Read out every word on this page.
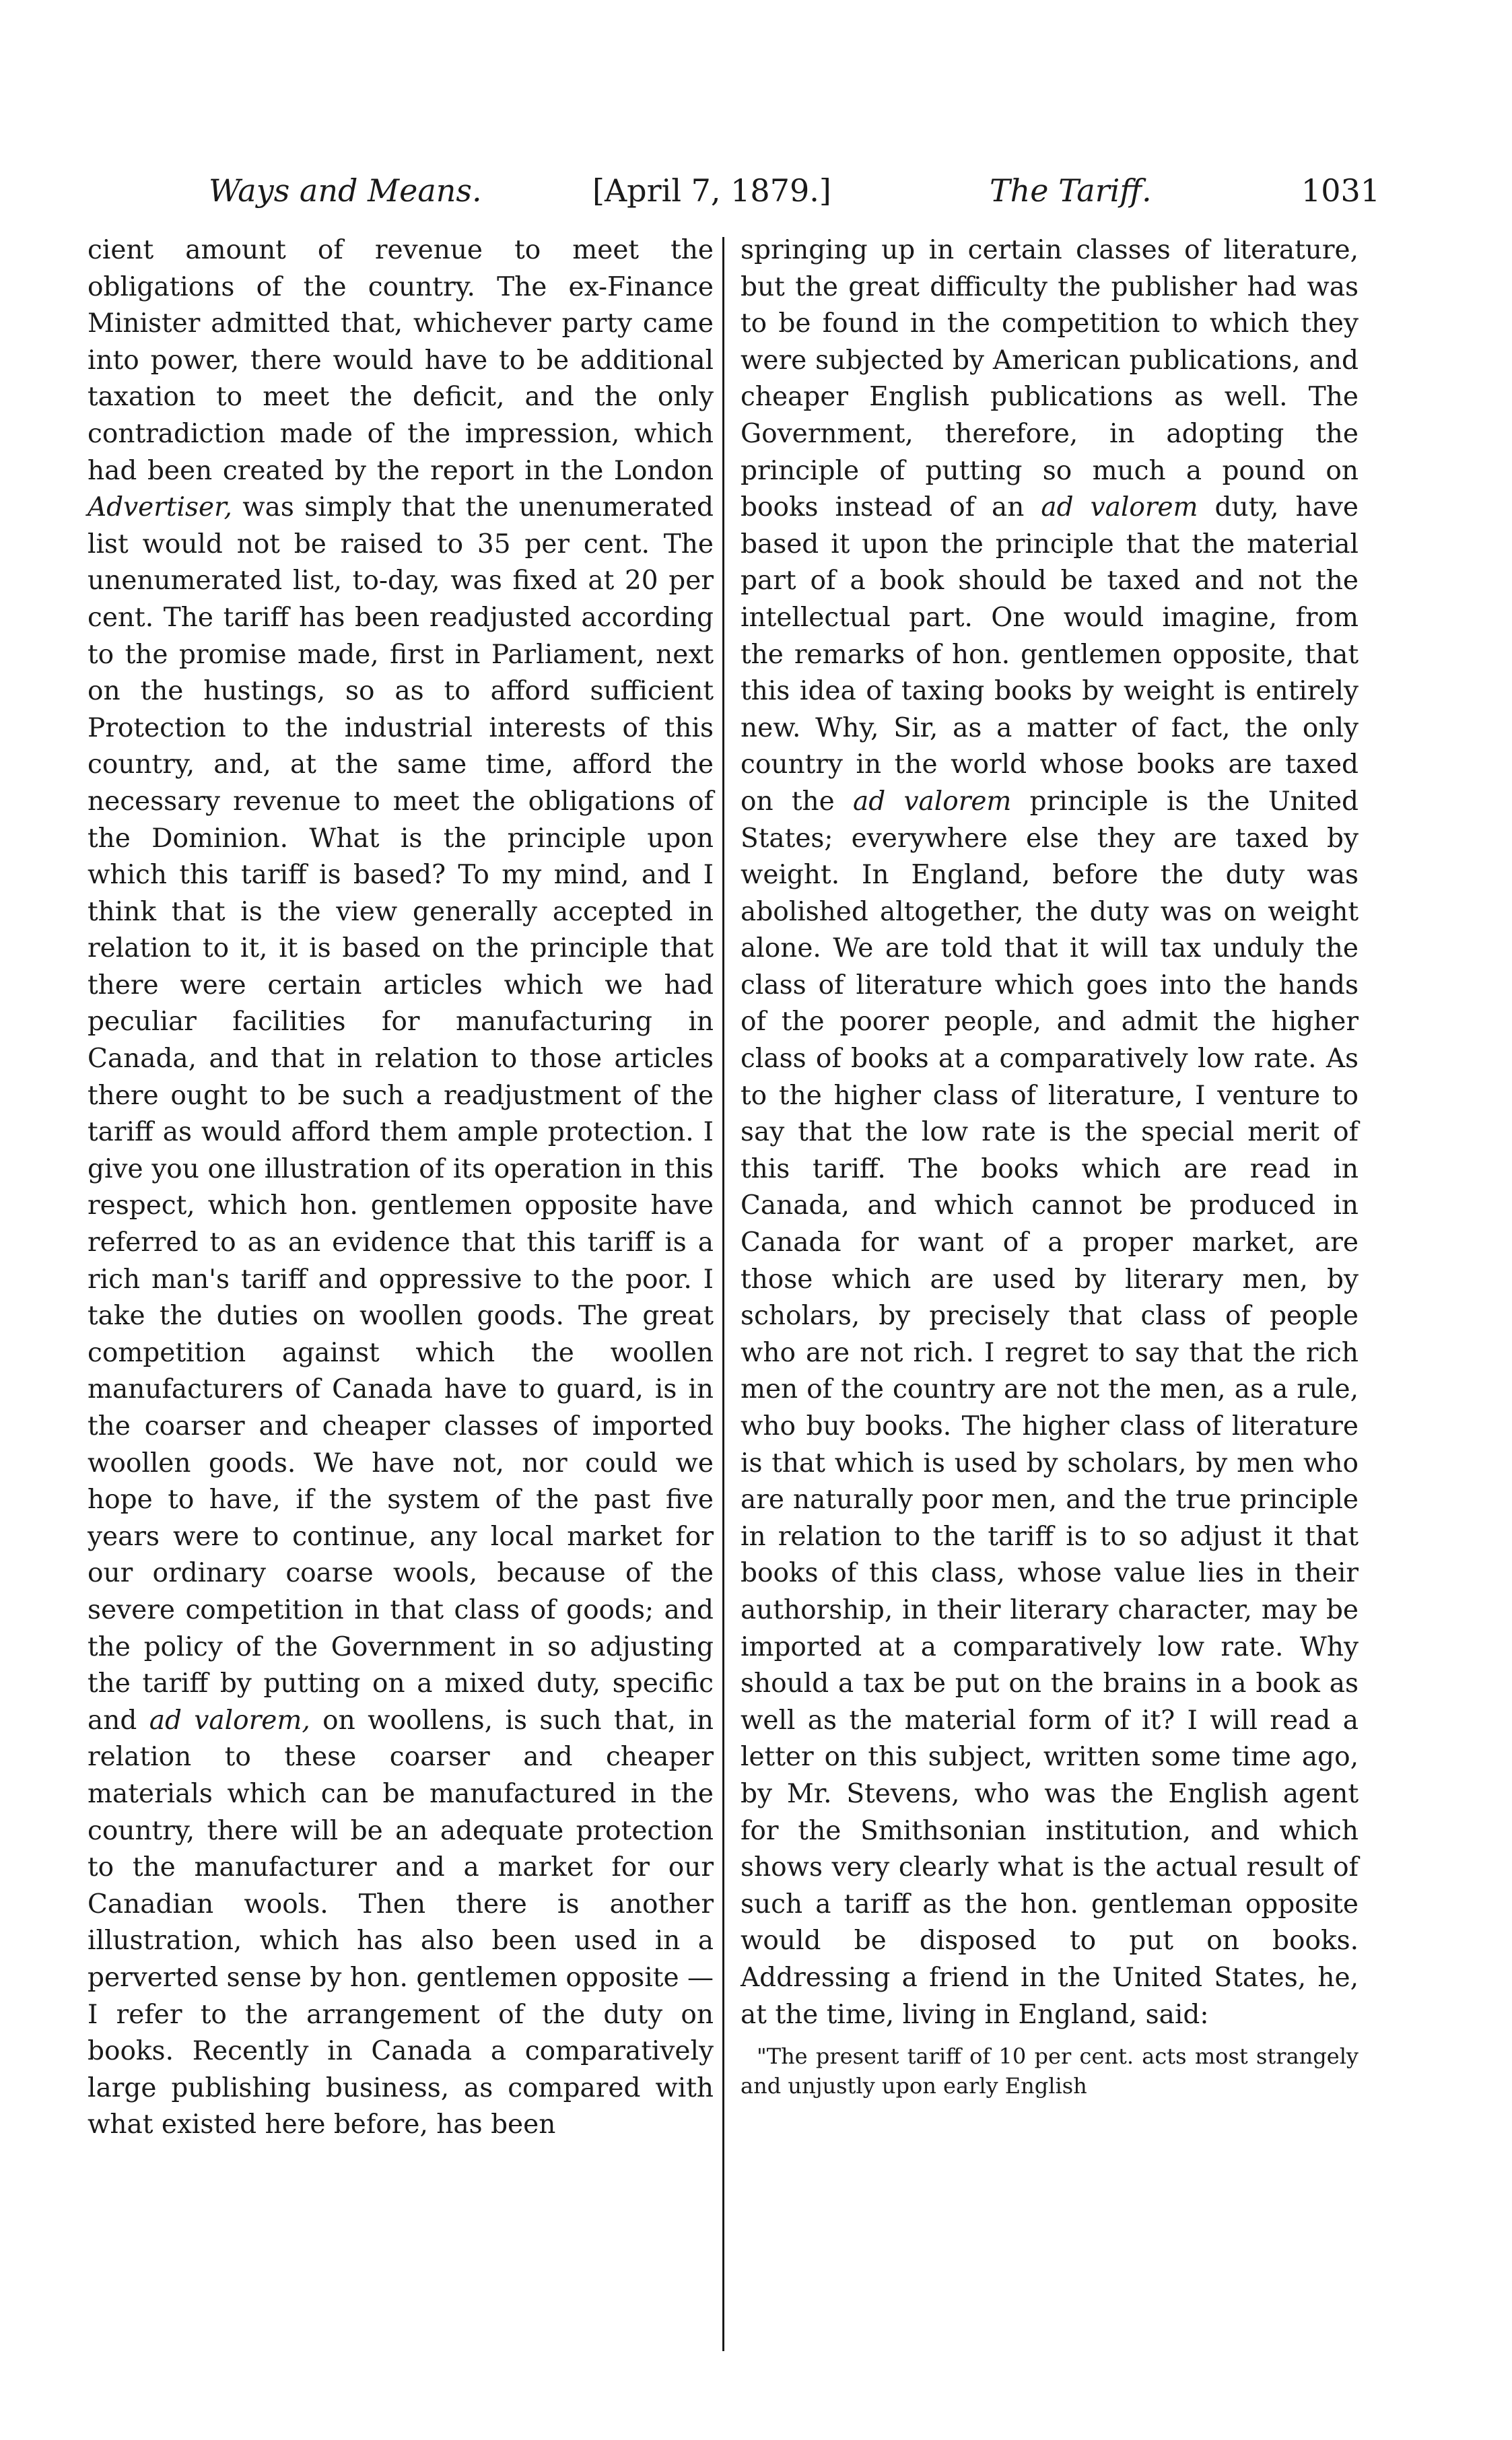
Ways and Means.	[April 7, 1879.]	The Tariff.	1031

cient amount of revenue to meet the obligations of the country. The ex-Finance Minister admitted that, whichever party came into power, there would have to be additional taxation to meet the deficit, and the only contradiction made of the impression, which had been created by the report in the London Advertiser, was simply that the unenumerated list would not be raised to 35 per cent. The unenumerated list, to-day, was fixed at 20 per cent. The tariff has been readjusted according to the promise made, first in Parliament, next on the hustings, so as to afford sufficient Protection to the industrial interests of this country, and, at the same time, afford the necessary revenue to meet the obligations of the Dominion. What is the principle upon which this tariff is based? To my mind, and I think that is the view generally accepted in relation to it, it is based on the principle that there were certain articles which we had peculiar facilities for manufacturing in Canada, and that in relation to those articles there ought to be such a readjustment of the tariff as would afford them ample protection. I give you one illustration of its operation in this respect, which hon. gentlemen opposite have referred to as an evidence that this tariff is a rich man's tariff and oppressive to the poor. I take the duties on woollen goods. The great competition against which the woollen manufacturers of Canada have to guard, is in the coarser and cheaper classes of imported woollen goods. We have not, nor could we hope to have, if the system of the past five years were to continue, any local market for our ordinary coarse wools, because of the severe competition in that class of goods; and the policy of the Government in so adjusting the tariff by putting on a mixed duty, specific and ad valorem, on woollens, is such that, in relation to these coarser and cheaper materials which can be manufactured in the country, there will be an adequate protection to the manufacturer and a market for our Canadian wools. Then there is another illustration, which has also been used in a perverted sense by hon. gentlemen opposite — I refer to the arrangement of the duty on books. Recently in Canada a comparatively large publishing business, as compared with what existed here before, has been

springing up in certain classes of literature, but the great difficulty the publisher had was to be found in the competition to which they were subjected by American publications, and cheaper English publications as well. The Government, therefore, in adopting the principle of putting so much a pound on books instead of an ad valorem duty, have based it upon the principle that the material part of a book should be taxed and not the intellectual part. One would imagine, from the remarks of hon. gentlemen opposite, that this idea of taxing books by weight is entirely new. Why, Sir, as a matter of fact, the only country in the world whose books are taxed on the ad valorem principle is the United States; everywhere else they are taxed by weight. In England, before the duty was abolished altogether, the duty was on weight alone. We are told that it will tax unduly the class of literature which goes into the hands of the poorer people, and admit the higher class of books at a comparatively low rate. As to the higher class of literature, I venture to say that the low rate is the special merit of this tariff. The books which are read in Canada, and which cannot be produced in Canada for want of a proper market, are those which are used by literary men, by scholars, by precisely that class of people who are not rich. I regret to say that the rich men of the country are not the men, as a rule, who buy books. The higher class of literature is that which is used by scholars, by men who are naturally poor men, and the true principle in relation to the tariff is to so adjust it that books of this class, whose value lies in their authorship, in their literary character, may be imported at a comparatively low rate. Why should a tax be put on the brains in a book as well as the material form of it? I will read a letter on this subject, written some time ago, by Mr. Stevens, who was the English agent for the Smithsonian institution, and which shows very clearly what is the actual result of such a tariff as the hon. gentleman opposite would be disposed to put on books. Addressing a friend in the United States, he, at the time, living in England, said:

"The present tariff of 10 per cent. acts most strangely and unjustly upon early English
